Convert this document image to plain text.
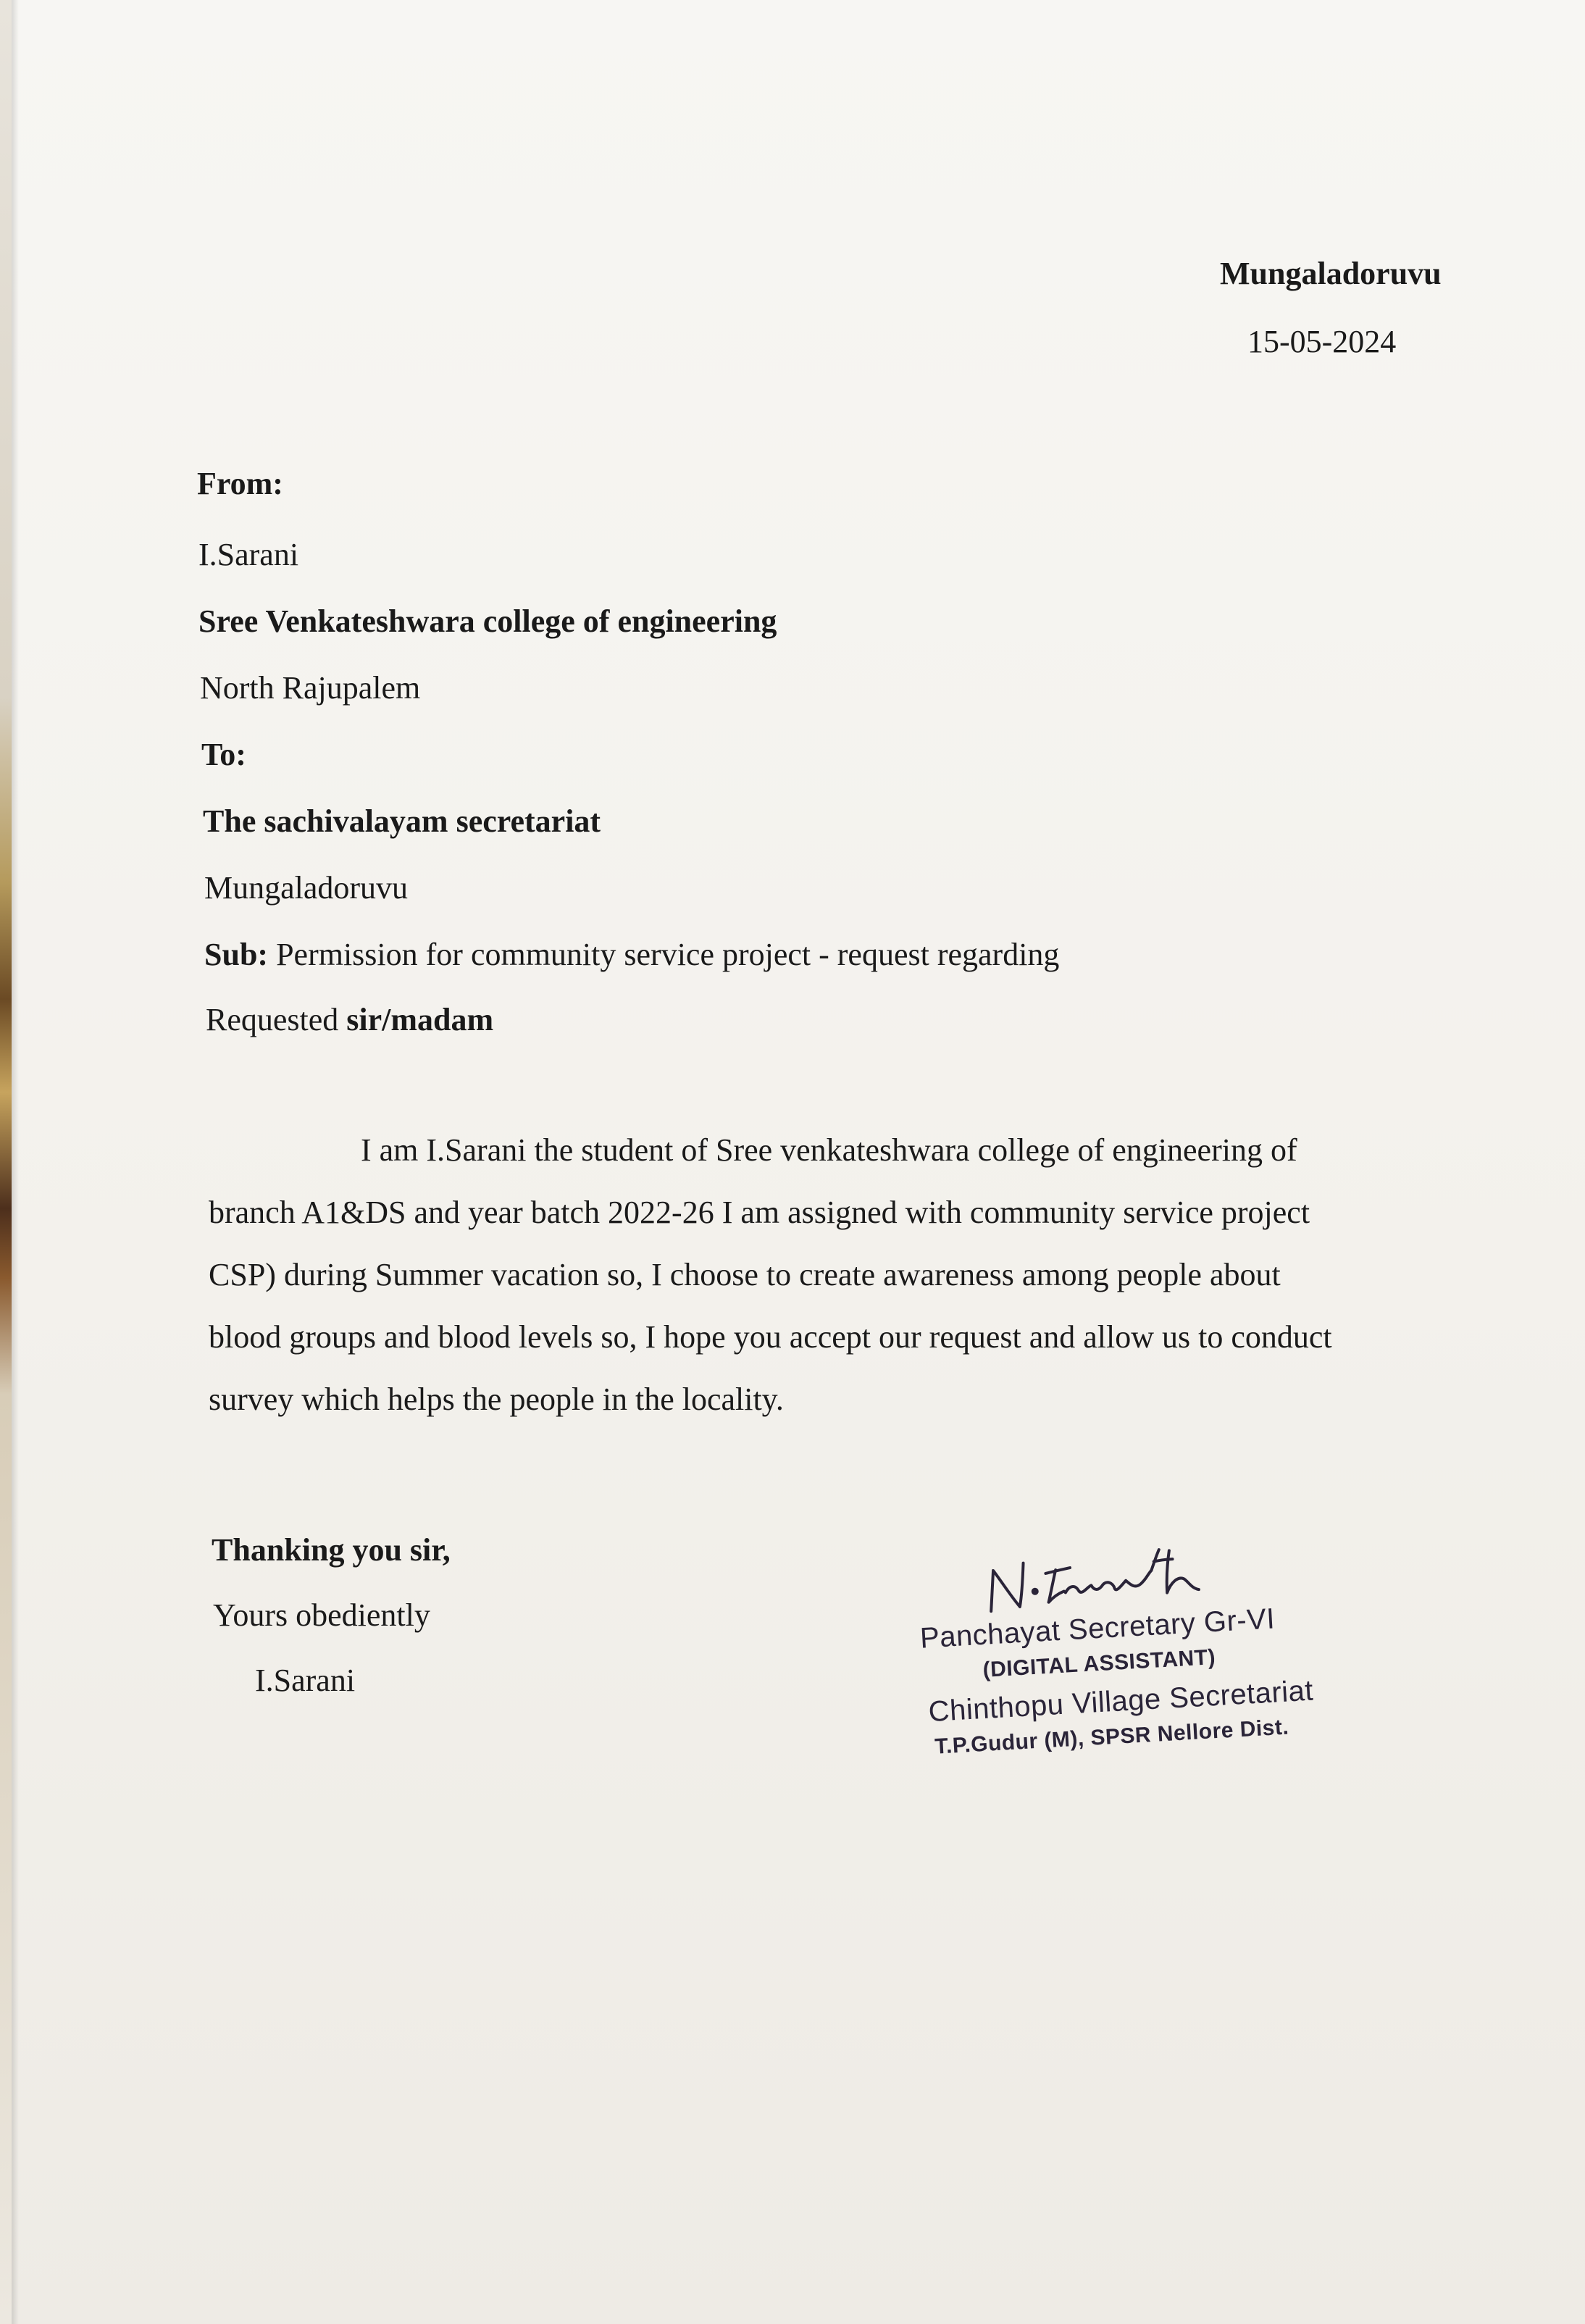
Mungaladoruvu
15-05-2024
From:
I.Sarani
Sree Venkateshwara college of engineering
North Rajupalem
To:
The sachivalayam secretariat
Mungaladoruvu
Sub: Permission for community service project - request regarding
Requested sir/madam
I am I.Sarani the student of Sree venkateshwara college of engineering of
branch A1&DS and year batch 2022-26 I am assigned with community service project
CSP) during Summer vacation so, I choose to create awareness among people about
blood groups and blood levels so, I hope you accept our request and allow us to conduct
survey which helps the people in the locality.
Thanking you sir,
Yours obediently
I.Sarani
Panchayat Secretary Gr-VI
(DIGITAL ASSISTANT)
Chinthopu Village Secretariat
T.P.Gudur (M), SPSR Nellore Dist.
